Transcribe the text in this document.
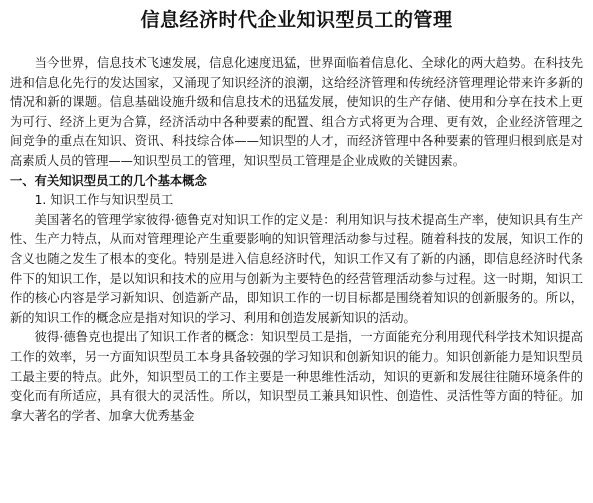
信息经济时代企业知识型员工的管理

当今世界，信息技术飞速发展，信息化速度迅猛，世界面临着信息化、全球化的两大趋势。在科技先进和信息化先行的发达国家，又涌现了知识经济的浪潮，这给经济管理和传统经济管理理论带来许多新的情况和新的课题。信息基础设施升级和信息技术的迅猛发展，使知识的生产存储、使用和分享在技术上更为可行、经济上更为合算，经济活动中各种要素的配置、组合方式将更为合理、更有效，企业经济管理之间竞争的重点在知识、资讯、科技综合体——知识型的人才，而经济管理中各种要素的管理归根到底是对高素质人员的管理——知识型员工的管理，知识型员工管理是企业成败的关键因素。

一、有关知识型员工的几个基本概念

1. 知识工作与知识型员工

美国著名的管理学家彼得·德鲁克对知识工作的定义是：利用知识与技术提高生产率，使知识具有生产性、生产力特点，从而对管理理论产生重要影响的知识管理活动参与过程。随着科技的发展，知识工作的含义也随之发生了根本的变化。特别是进入信息经济时代，知识工作又有了新的内涵，即信息经济时代条件下的知识工作，是以知识和技术的应用与创新为主要特色的经营管理活动参与过程。这一时期，知识工作的核心内容是学习新知识、创造新产品，即知识工作的一切目标都是围绕着知识的创新服务的。所以，新的知识工作的概念应是指对知识的学习、利用和创造发展新知识的活动。

彼得·德鲁克也提出了知识工作者的概念：知识型员工是指，一方面能充分利用现代科学技术知识提高工作的效率，另一方面知识型员工本身具备较强的学习知识和创新知识的能力。知识创新能力是知识型员工最主要的特点。此外，知识型员工的工作主要是一种思维性活动，知识的更新和发展往往随环境条件的变化而有所适应，具有很大的灵活性。所以，知识型员工兼具知识性、创造性、灵活性等方面的特征。加拿大著名的学者、加拿大优秀基金
